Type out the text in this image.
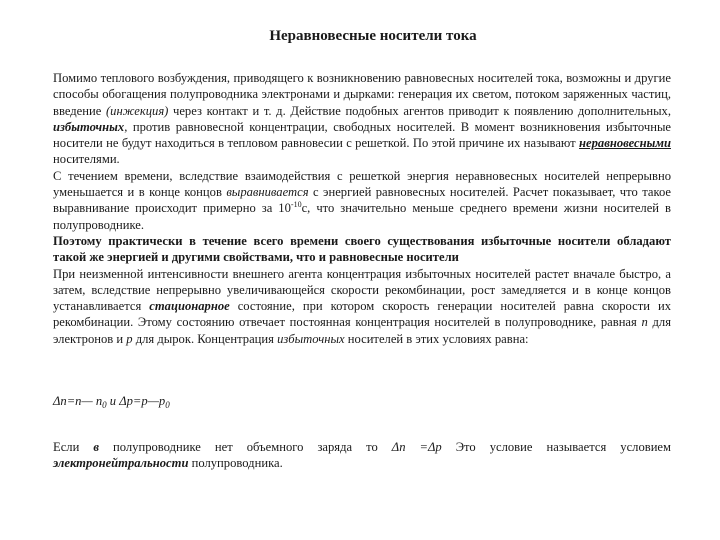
Неравновесные носители тока

Помимо теплового возбуждения, приводящего к возникновению равновесных носителей тока, возможны и другие способы обогащения полупроводника электронами и дырками: генерация их светом, потоком заряженных частиц, введение (инжекция) через контакт и т. д. Действие подобных агентов приводит к появлению дополнительных, избыточных, против равновесной концентрации, свободных носителей. В момент возникновения избыточные носители не будут находиться в тепловом равновесии с решеткой. По этой причине их называют неравновесными носителями.

С течением времени, вследствие взаимодействия с решеткой энергия неравновесных носителей непрерывно уменьшается и в конце концов выравнивается с энергией равновесных носителей. Расчет показывает, что такое выравнивание происходит примерно за $10^{-10}с$, что значительно меньше среднего времени жизни носителей в полупроводнике.

Поэтому практически в течение всего времени своего существования избыточные носители обладают такой же энергией и другими свойствами, что и равновесные носители

При неизменной интенсивности внешнего агента концентрация избыточных носителей растет вначале быстро, а затем, вследствие непрерывно увеличивающейся скорости рекомбинации, рост замедляется и в конце концов устанавливается стационарное состояние, при котором скорость генерации носителей равна скорости их рекомбинации. Этому состоянию отвечает постоянная концентрация носителей в полупроводнике, равная n для электронов и p для дырок. Концентрация избыточных носителей в этих условиях равна:

Δn=n— $n_0$ и $\Delta p=p—p_0$

Если в полупроводнике нет объемного заряда то Δn =Δp Это условие называется условием электронейтральности полупроводника.
